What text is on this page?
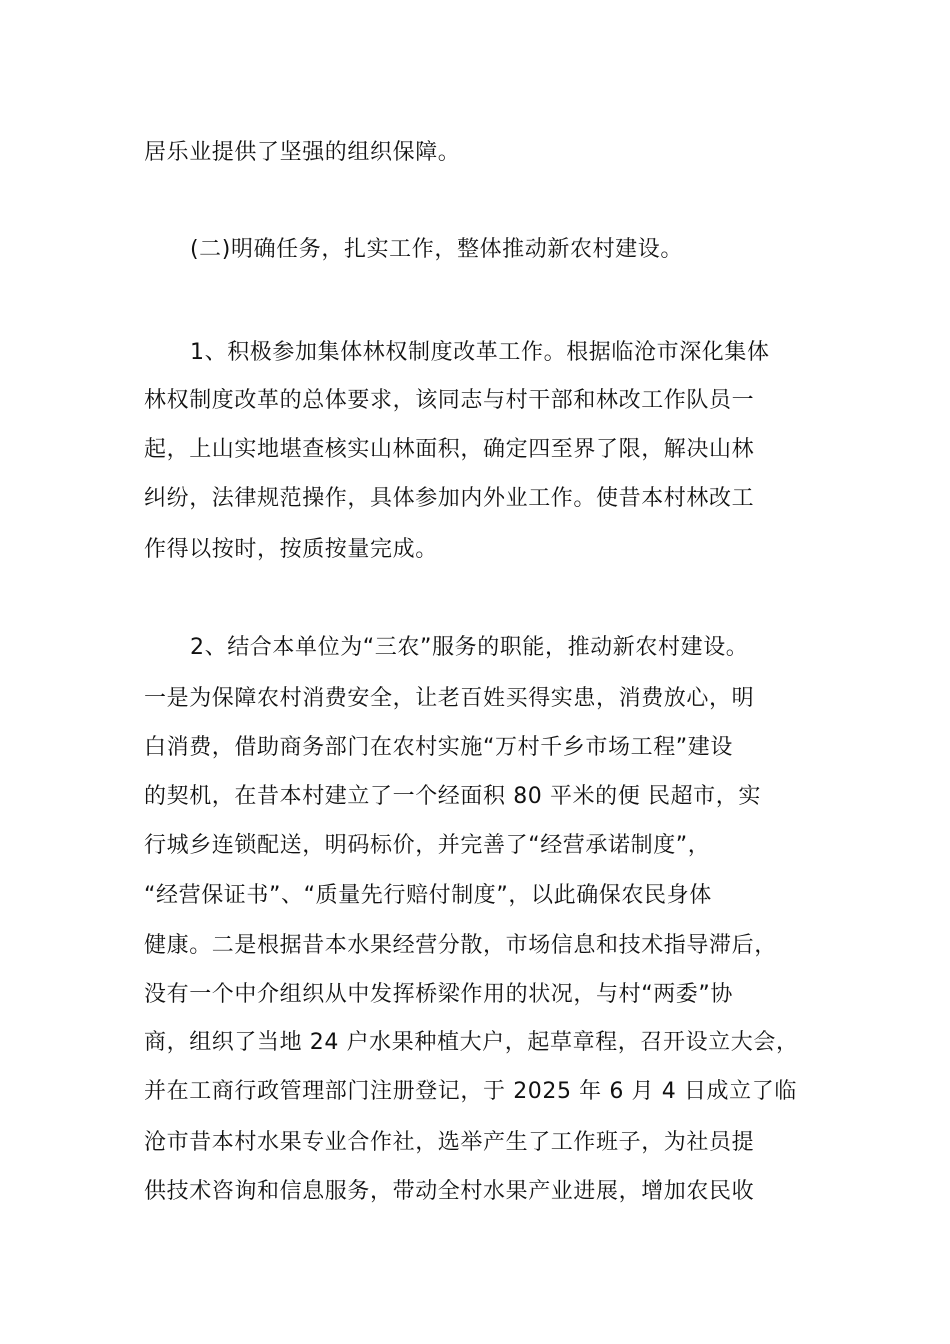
居乐业提供了坚强的组织保障。
(二)明确任务，扎实工作，整体推动新农村建设。
1、积极参加集体林权制度改革工作。根据临沧市深化集体
林权制度改革的总体要求，该同志与村干部和林改工作队员一
起，上山实地堪查核实山林面积，确定四至界了限，解决山林
纠纷，法律规范操作，具体参加内外业工作。使昔本村林改工
作得以按时，按质按量完成。
2、结合本单位为“三农”服务的职能，推动新农村建设。
一是为保障农村消费安全，让老百姓买得实患，消费放心，明
白消费，借助商务部门在农村实施“万村千乡市场工程”建设
的契机，在昔本村建立了一个经面积 80 平米的便 民超市，实
行城乡连锁配送，明码标价，并完善了“经营承诺制度”，
“经营保证书”、“质量先行赔付制度”，以此确保农民身体
健康。二是根据昔本水果经营分散，市场信息和技术指导滞后，
没有一个中介组织从中发挥桥梁作用的状况，与村“两委”协
商，组织了当地 24 户水果种植大户，起草章程，召开设立大会，
并在工商行政管理部门注册登记，于 2025 年 6 月 4 日成立了临
沧市昔本村水果专业合作社，选举产生了工作班子，为社员提
供技术咨询和信息服务，带动全村水果产业进展，增加农民收
